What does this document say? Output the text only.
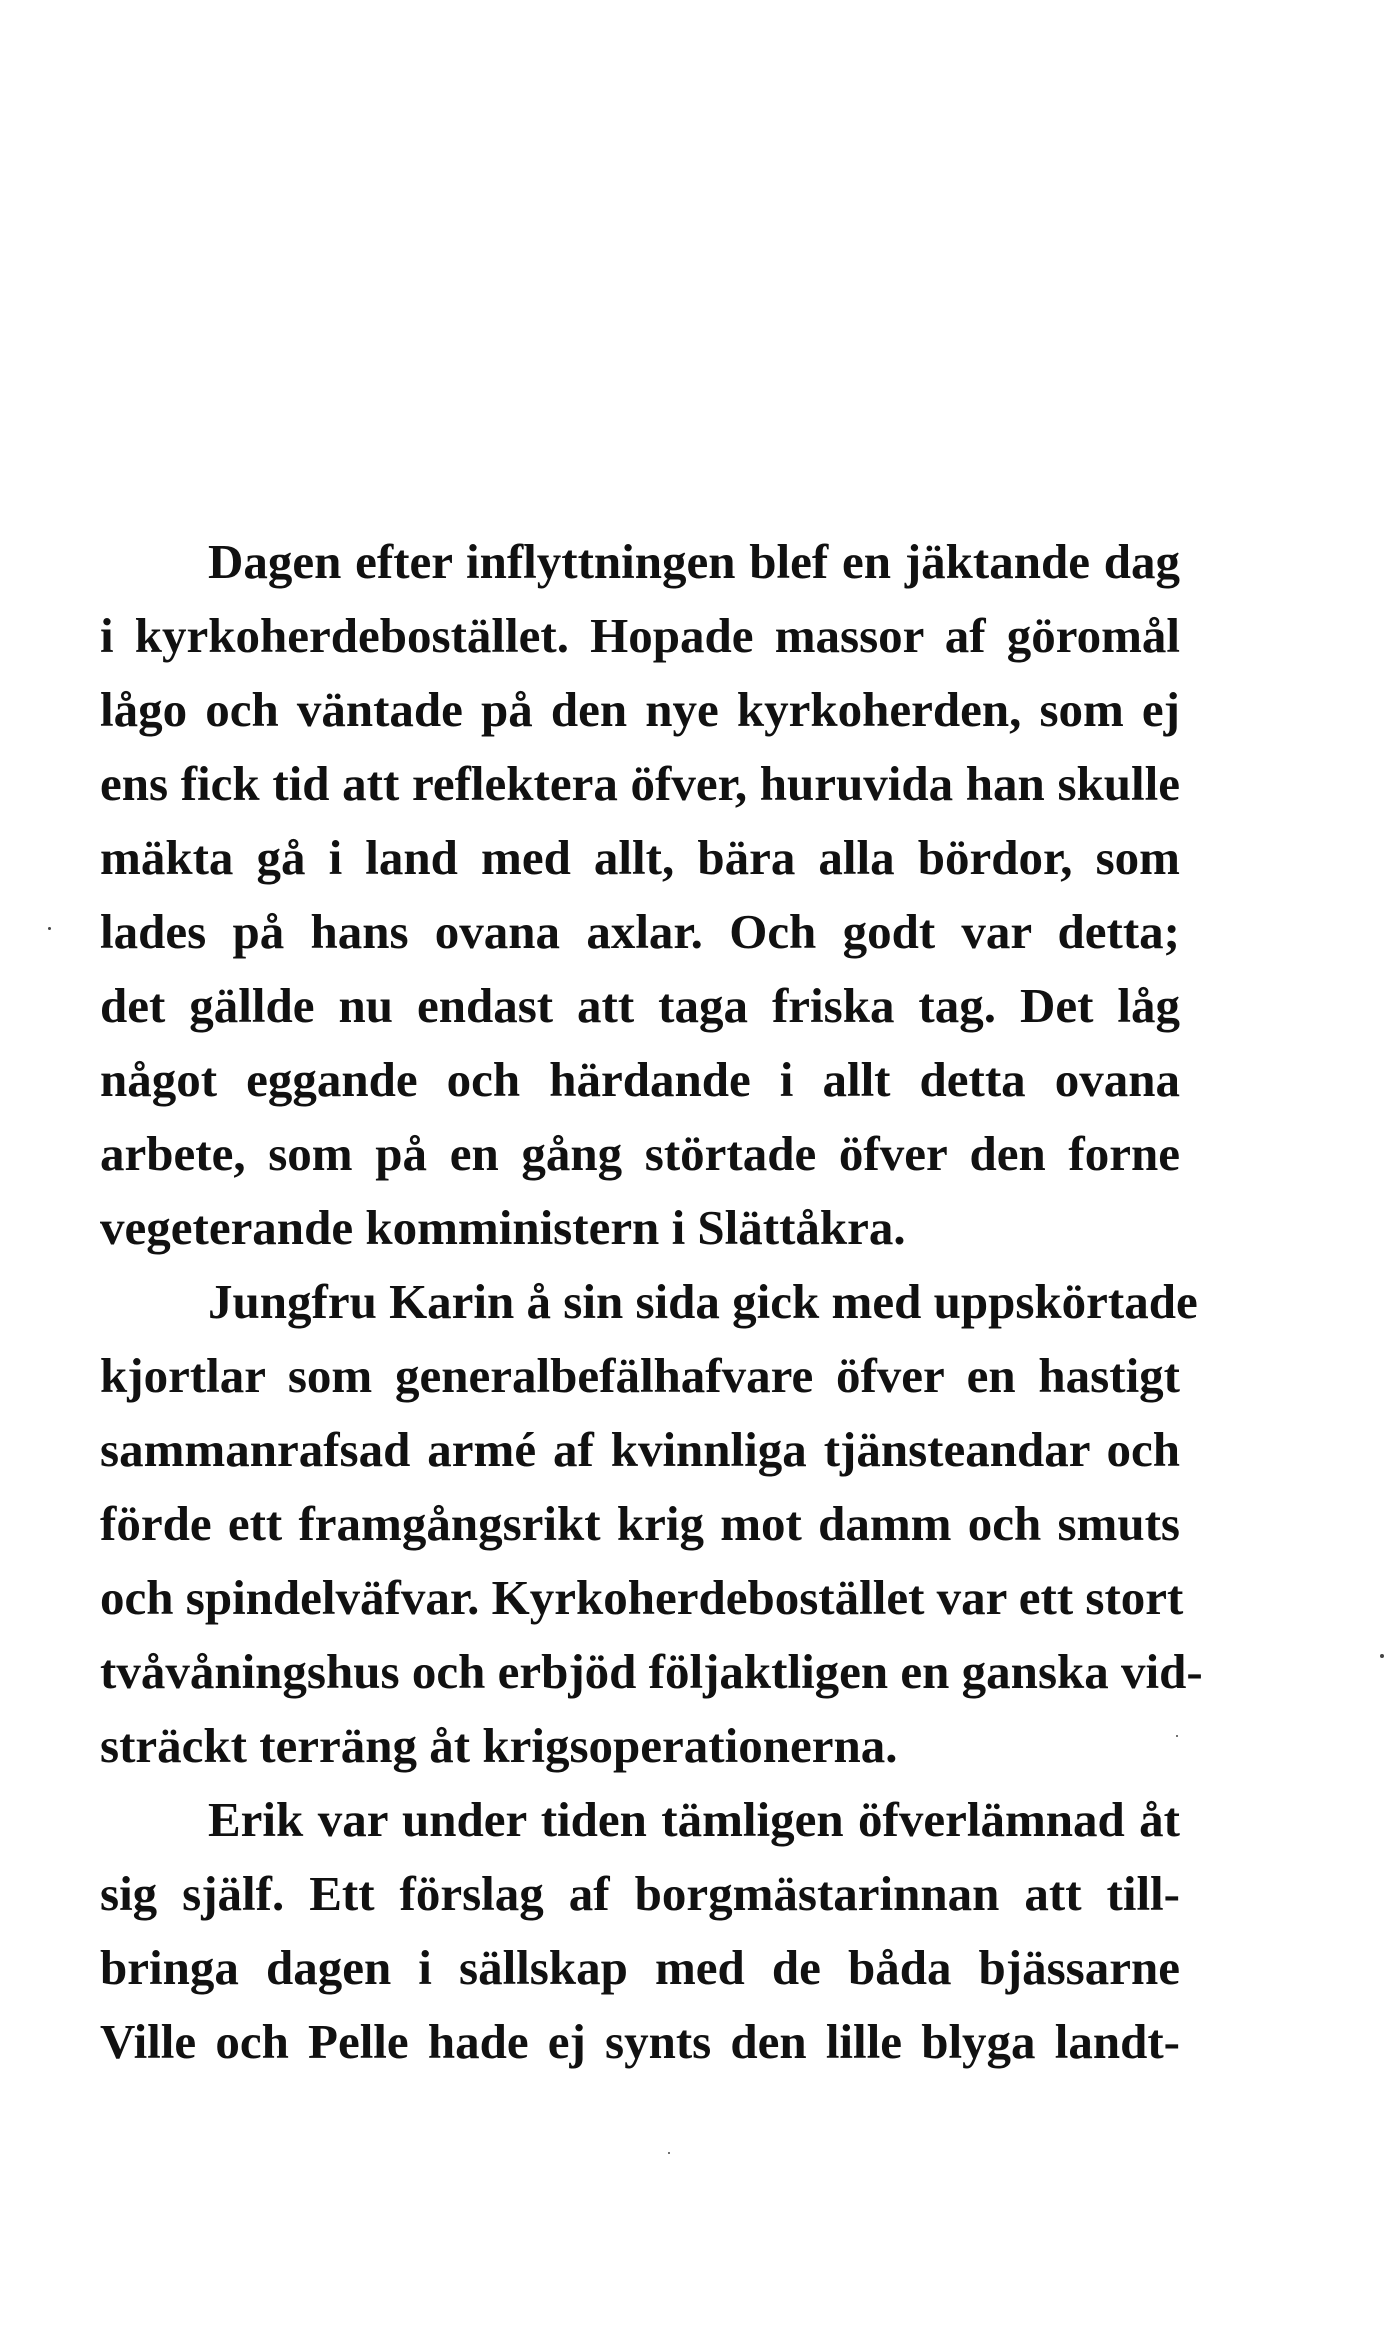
Dagen efter inflyttningen blef en jäktande dag
i kyrkoherdebostället. Hopade massor af göromål
lågo och väntade på den nye kyrkoherden, som ej
ens fick tid att reflektera öfver, huruvida han skulle
mäkta gå i land med allt, bära alla bördor, som
lades på hans ovana axlar. Och godt var detta;
det gällde nu endast att taga friska tag. Det låg
något eggande och härdande i allt detta ovana
arbete, som på en gång störtade öfver den forne
vegeterande komministern i Slättåkra.

Jungfru Karin å sin sida gick med uppskörtade
kjortlar som generalbefälhafvare öfver en hastigt
sammanrafsad armé af kvinnliga tjänsteandar och
förde ett framgångsrikt krig mot damm och smuts
och spindelväfvar. Kyrkoherdebostället var ett stort
tvåvåningshus och erbjöd följaktligen en ganska vid-
sträckt terräng åt krigsoperationerna.

Erik var under tiden tämligen öfverlämnad åt
sig själf. Ett förslag af borgmästarinnan att till-
bringa dagen i sällskap med de båda bjässarne
Ville och Pelle hade ej synts den lille blyga landt-
